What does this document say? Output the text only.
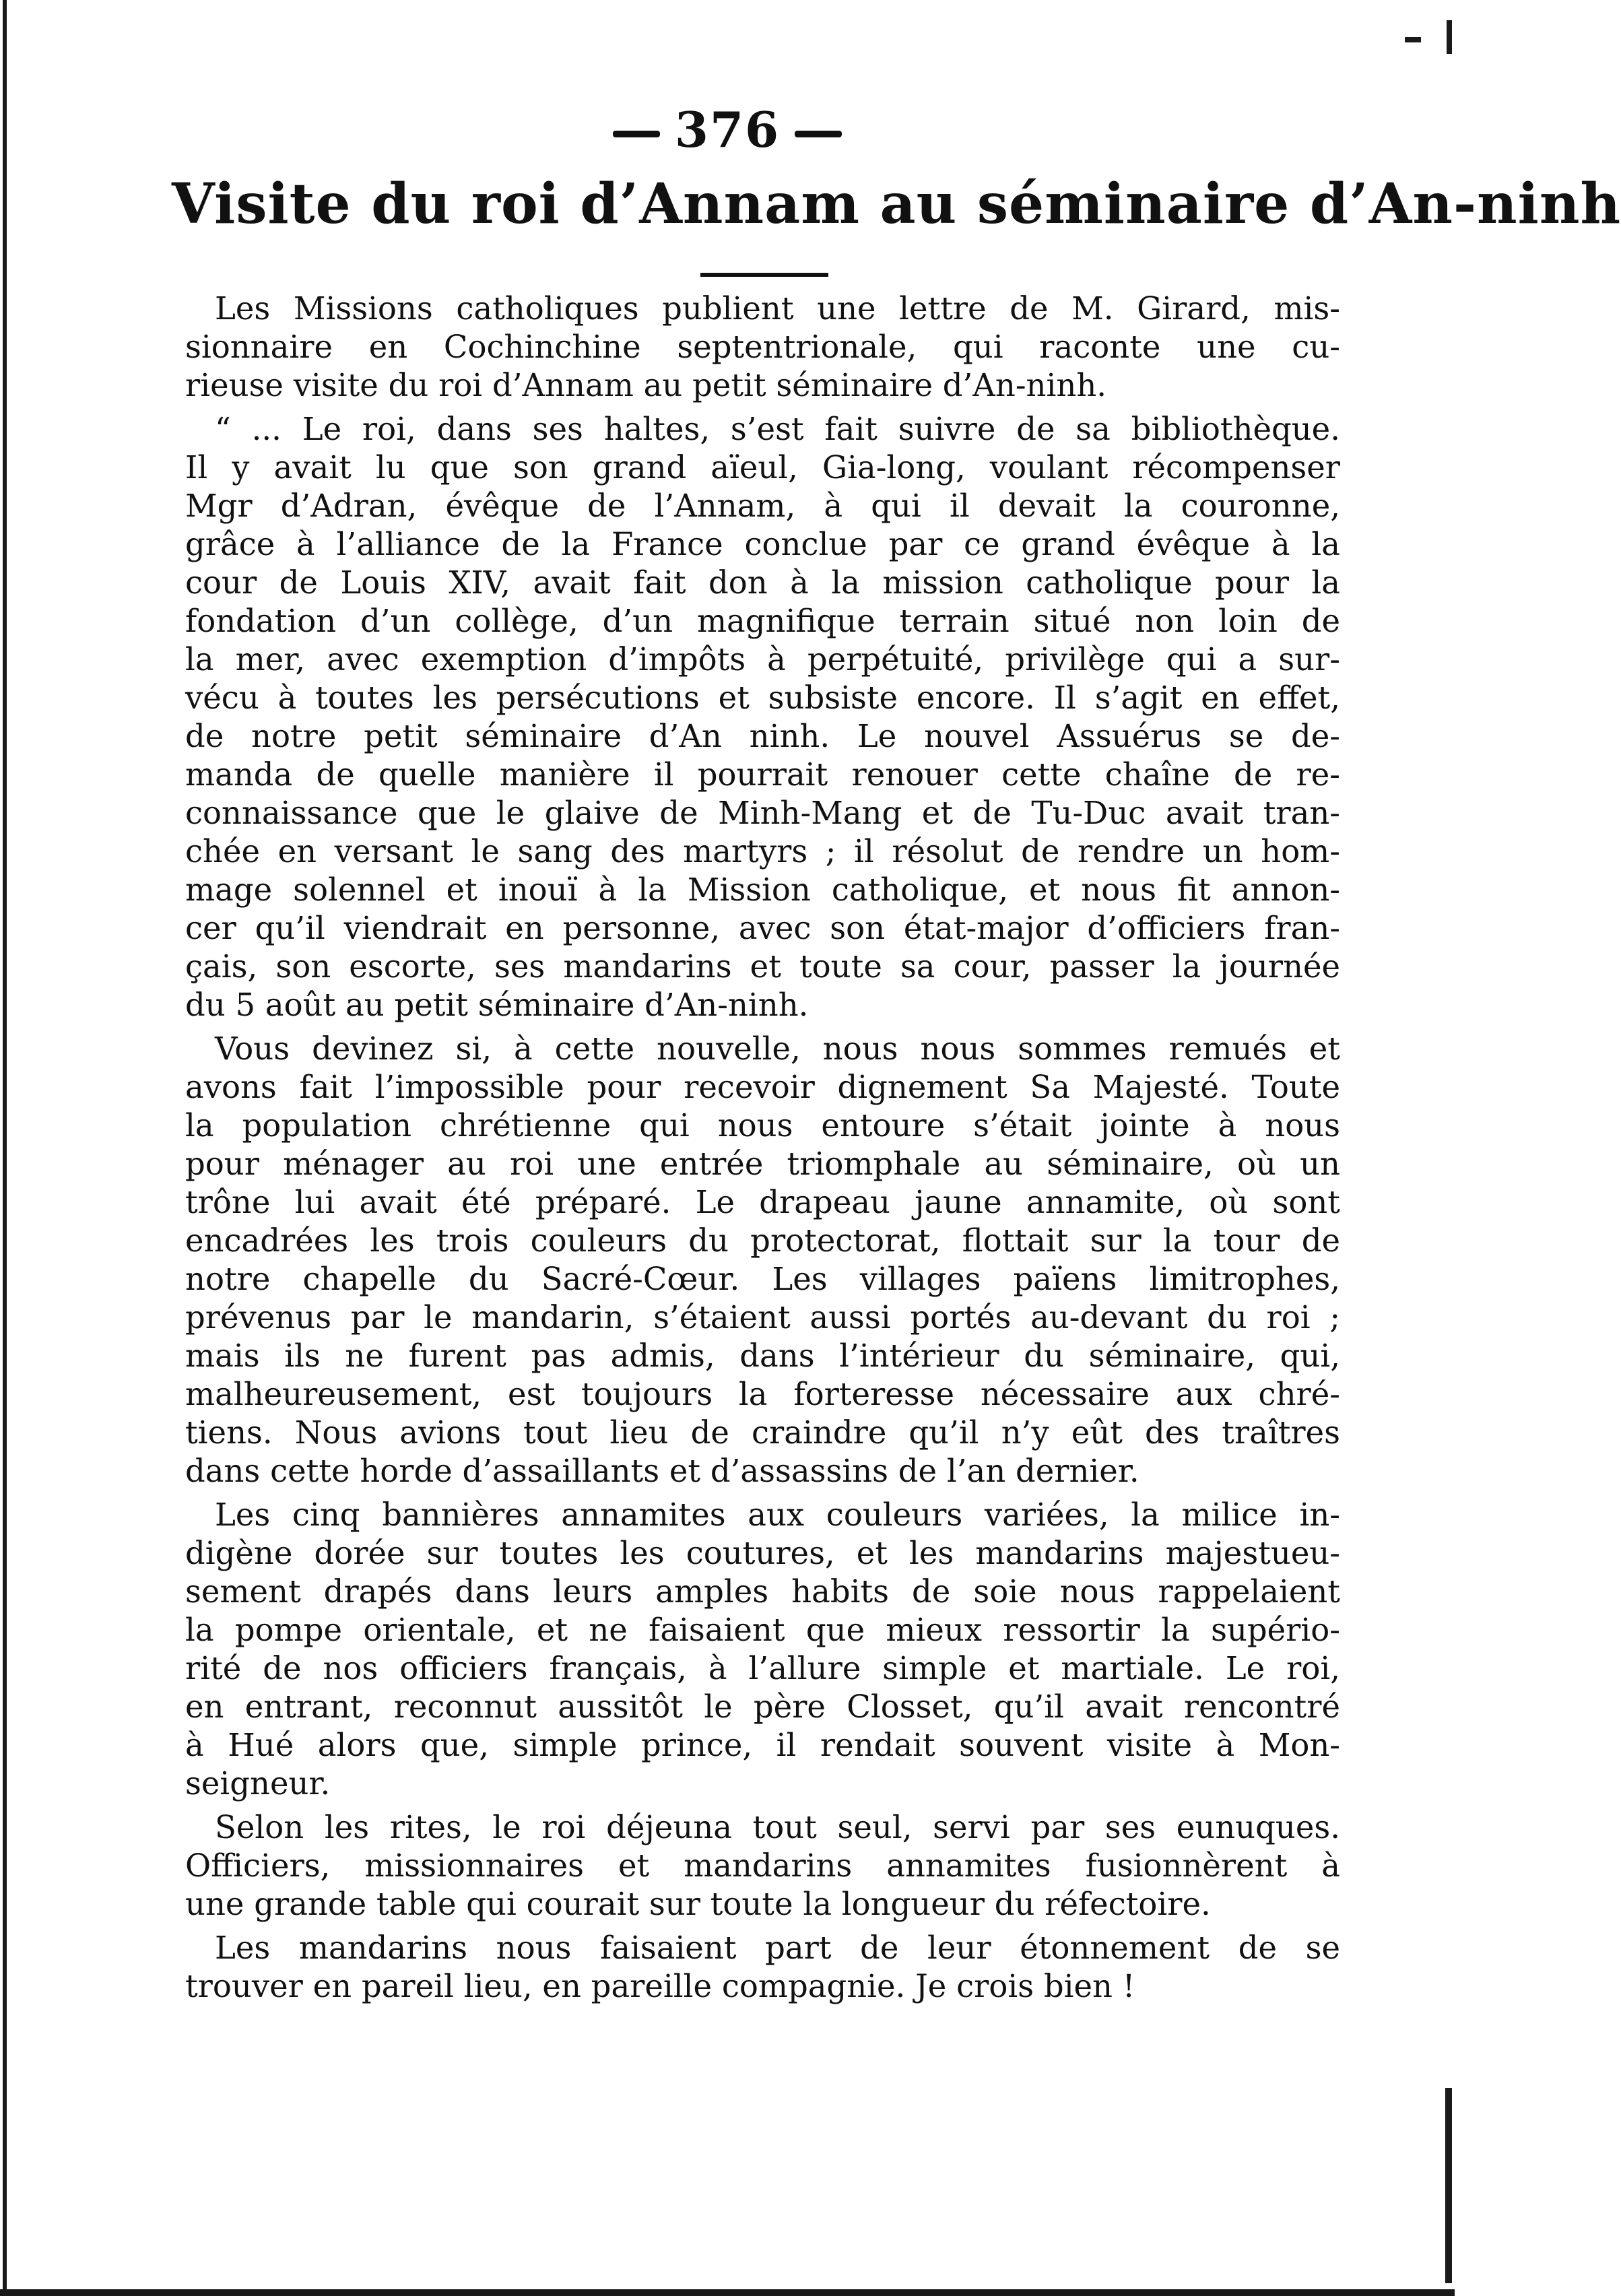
376
Visite du roi d’Annam au séminaire d’An-ninh
Les Missions catholiques publient une lettre de M. Girard, mis-
sionnaire en Cochinchine septentrionale, qui raconte une cu-
rieuse visite du roi d’Annam au petit séminaire d’An-ninh.
“ ... Le roi, dans ses haltes, s’est fait suivre de sa bibliothèque.
Il y avait lu que son grand aïeul, Gia-long, voulant récompenser
Mgr d’Adran, évêque de l’Annam, à qui il devait la couronne,
grâce à l’alliance de la France conclue par ce grand évêque à la
cour de Louis XIV, avait fait don à la mission catholique pour la
fondation d’un collège, d’un magnifique terrain situé non loin de
la mer, avec exemption d’impôts à perpétuité, privilège qui a sur-
vécu à toutes les persécutions et subsiste encore. Il s’agit en effet,
de notre petit séminaire d’An ninh. Le nouvel Assuérus se de-
manda de quelle manière il pourrait renouer cette chaîne de re-
connaissance que le glaive de Minh-Mang et de Tu-Duc avait tran-
chée en versant le sang des martyrs ; il résolut de rendre un hom-
mage solennel et inouï à la Mission catholique, et nous fit annon-
cer qu’il viendrait en personne, avec son état-major d’officiers fran-
çais, son escorte, ses mandarins et toute sa cour, passer la journée
du 5 août au petit séminaire d’An-ninh.
Vous devinez si, à cette nouvelle, nous nous sommes remués et
avons fait l’impossible pour recevoir dignement Sa Majesté. Toute
la population chrétienne qui nous entoure s’était jointe à nous
pour ménager au roi une entrée triomphale au séminaire, où un
trône lui avait été préparé. Le drapeau jaune annamite, où sont
encadrées les trois couleurs du protectorat, flottait sur la tour de
notre chapelle du Sacré-Cœur. Les villages païens limitrophes,
prévenus par le mandarin, s’étaient aussi portés au-devant du roi ;
mais ils ne furent pas admis, dans l’intérieur du séminaire, qui,
malheureusement, est toujours la forteresse nécessaire aux chré-
tiens. Nous avions tout lieu de craindre qu’il n’y eût des traîtres
dans cette horde d’assaillants et d’assassins de l’an dernier.
Les cinq bannières annamites aux couleurs variées, la milice in-
digène dorée sur toutes les coutures, et les mandarins majestueu-
sement drapés dans leurs amples habits de soie nous rappelaient
la pompe orientale, et ne faisaient que mieux ressortir la supério-
rité de nos officiers français, à l’allure simple et martiale. Le roi,
en entrant, reconnut aussitôt le père Closset, qu’il avait rencontré
à Hué alors que, simple prince, il rendait souvent visite à Mon-
seigneur.
Selon les rites, le roi déjeuna tout seul, servi par ses eunuques.
Officiers, missionnaires et mandarins annamites fusionnèrent à
une grande table qui courait sur toute la longueur du réfectoire.
Les mandarins nous faisaient part de leur étonnement de se
trouver en pareil lieu, en pareille compagnie. Je crois bien !
